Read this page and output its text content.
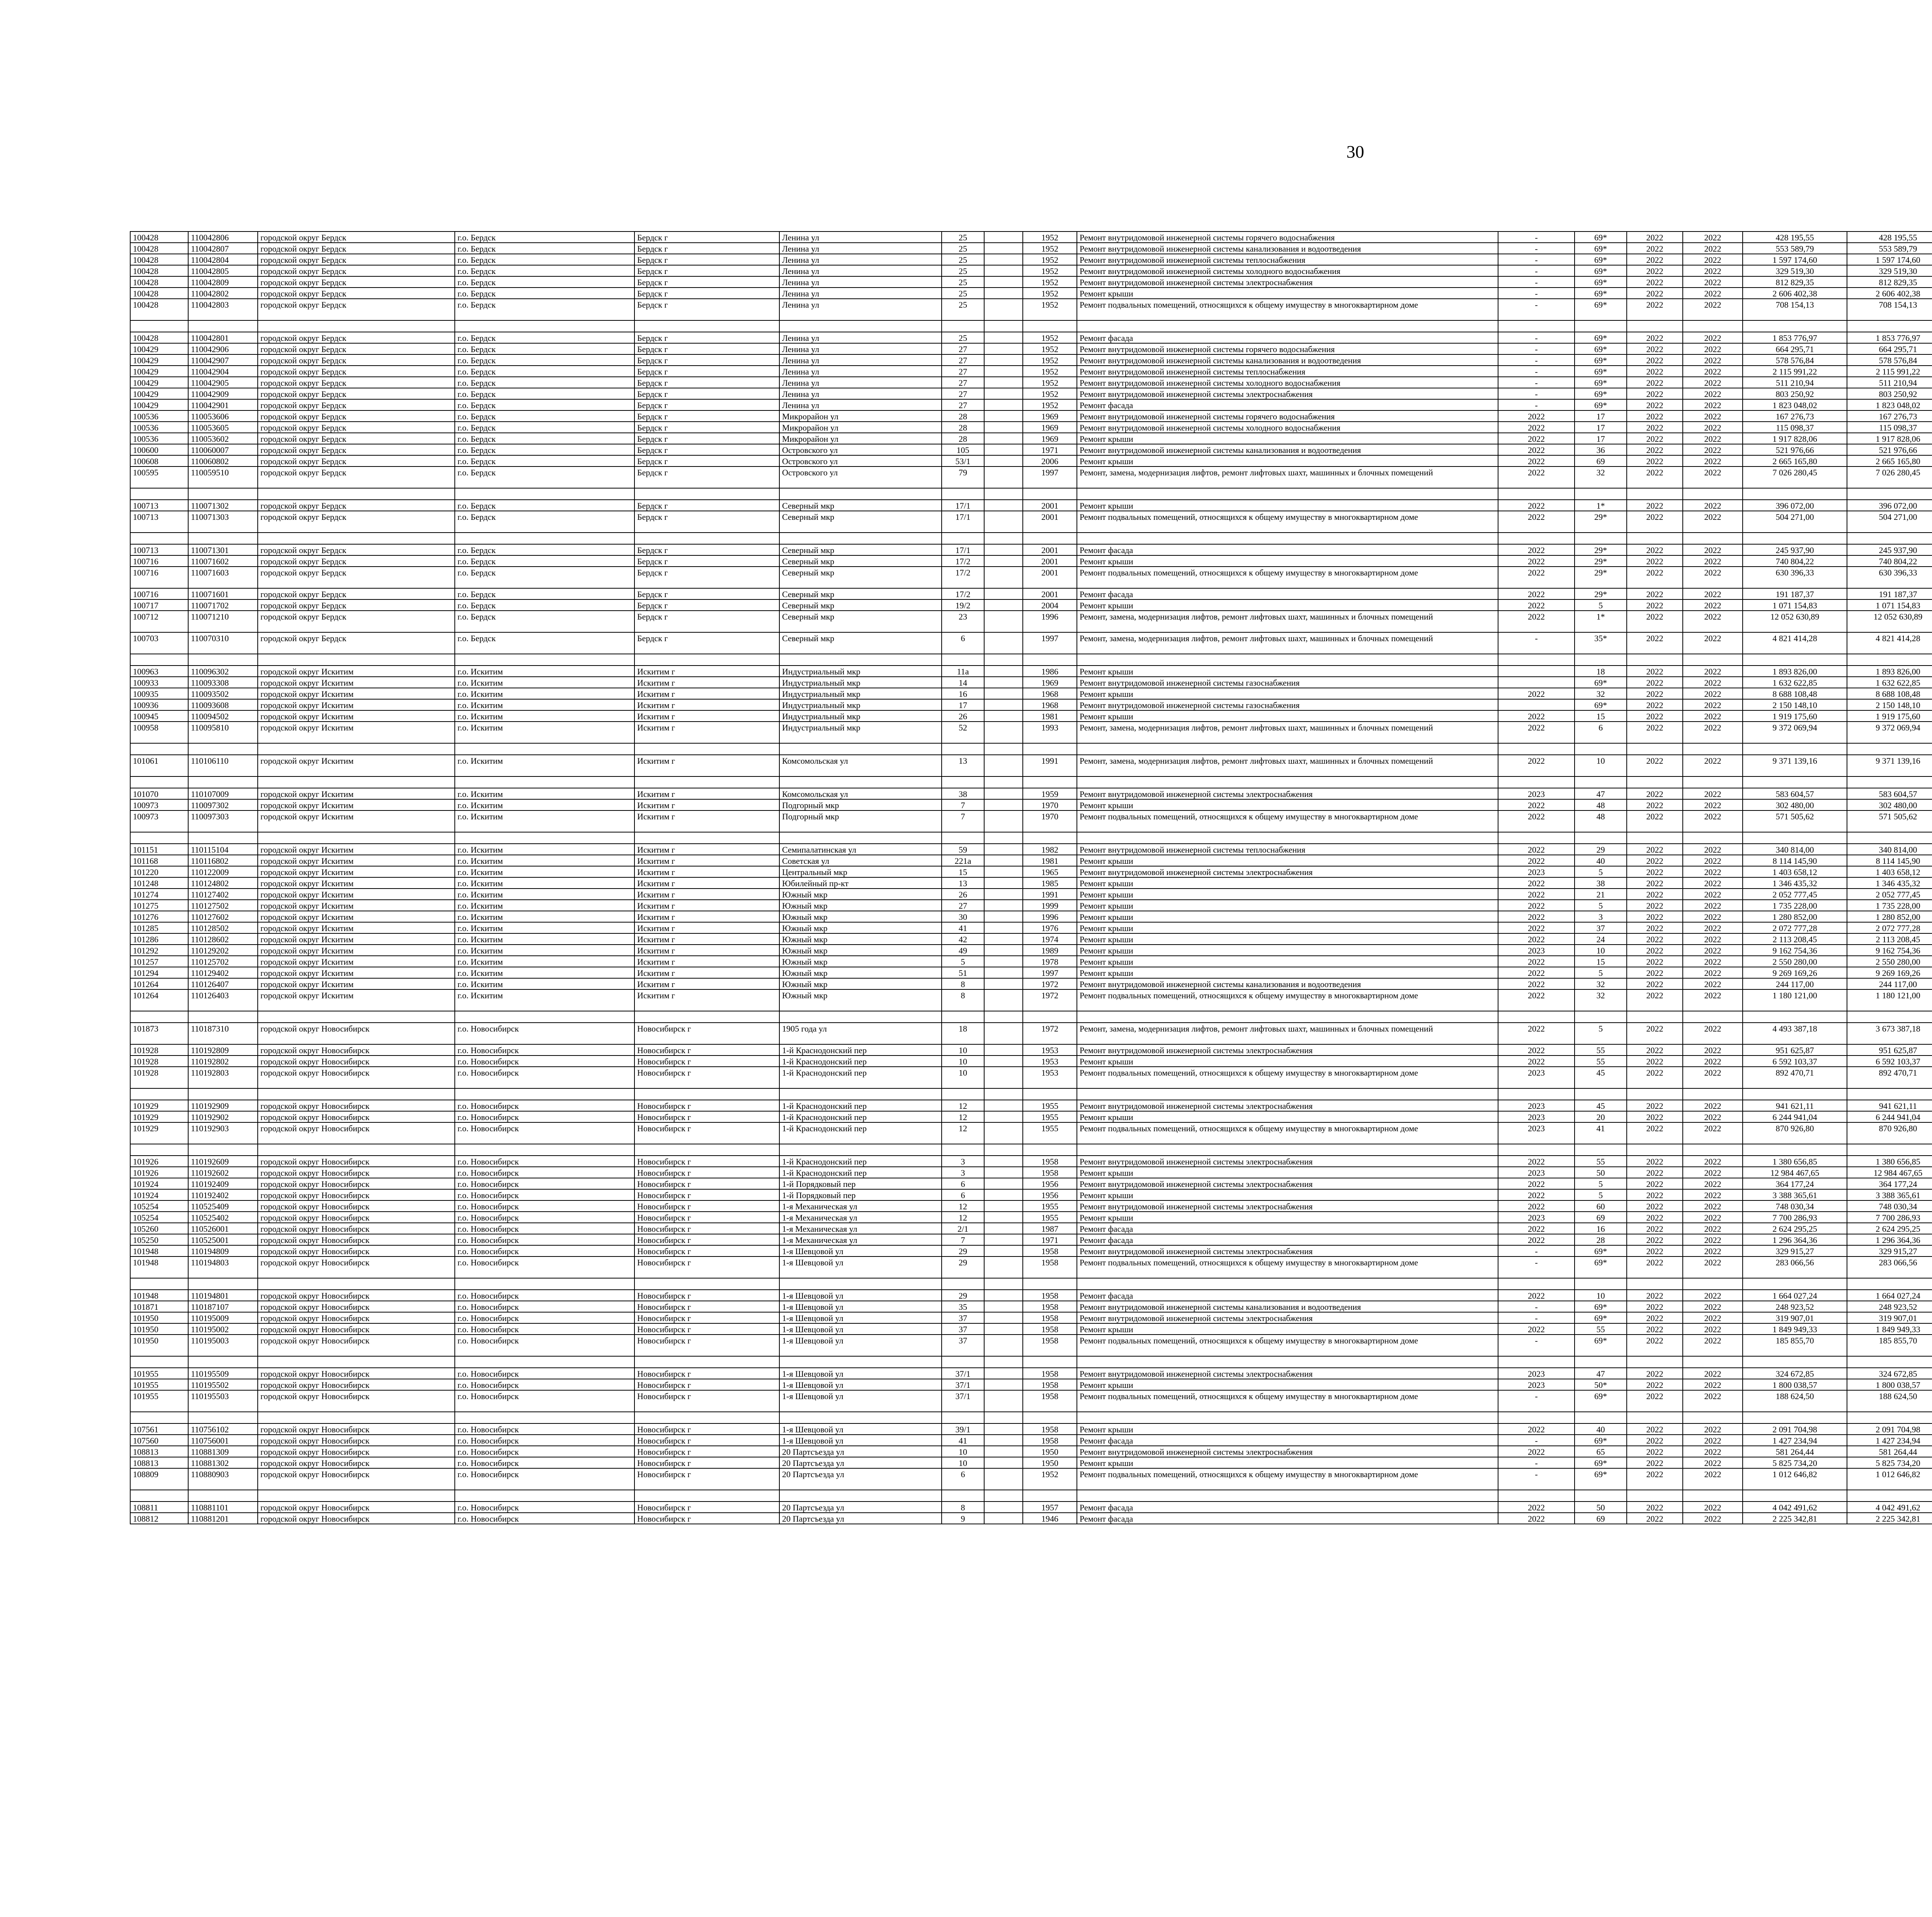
30
100428	110042806	городской округ Бердск	г.о. Бердск	Бердск г	Ленина ул	25		1952	Ремонт внутридомовой инженерной системы горячего водоснабжения	-	69*	2022	2022	428 195,55	428 195,55						
100428	110042807	городской округ Бердск	г.о. Бердск	Бердск г	Ленина ул	25		1952	Ремонт внутридомовой инженерной системы канализования и водоотведения	-	69*	2022	2022	553 589,79	553 589,79						
100428	110042804	городской округ Бердск	г.о. Бердск	Бердск г	Ленина ул	25		1952	Ремонт внутридомовой инженерной системы теплоснабжения	-	69*	2022	2022	1 597 174,60	1 597 174,60						
100428	110042805	городской округ Бердск	г.о. Бердск	Бердск г	Ленина ул	25		1952	Ремонт внутридомовой инженерной системы холодного водоснабжения	-	69*	2022	2022	329 519,30	329 519,30						
100428	110042809	городской округ Бердск	г.о. Бердск	Бердск г	Ленина ул	25		1952	Ремонт внутридомовой инженерной системы электроснабжения	-	69*	2022	2022	812 829,35	812 829,35						
100428	110042802	городской округ Бердск	г.о. Бердск	Бердск г	Ленина ул	25		1952	Ремонт крыши	-	69*	2022	2022	2 606 402,38	2 606 402,38						
100428	110042803	городской округ Бердск	г.о. Бердск	Бердск г	Ленина ул	25		1952	Ремонт подвальных помещений, относящихся к общему имуществу в многоквартирном доме	-	69*	2022	2022	708 154,13	708 154,13						

100428	110042801	городской округ Бердск	г.о. Бердск	Бердск г	Ленина ул	25		1952	Ремонт фасада	-	69*	2022	2022	1 853 776,97	1 853 776,97						
100429	110042906	городской округ Бердск	г.о. Бердск	Бердск г	Ленина ул	27		1952	Ремонт внутридомовой инженерной системы горячего водоснабжения	-	69*	2022	2022	664 295,71	664 295,71						
100429	110042907	городской округ Бердск	г.о. Бердск	Бердск г	Ленина ул	27		1952	Ремонт внутридомовой инженерной системы канализования и водоотведения	-	69*	2022	2022	578 576,84	578 576,84						
100429	110042904	городской округ Бердск	г.о. Бердск	Бердск г	Ленина ул	27		1952	Ремонт внутридомовой инженерной системы теплоснабжения	-	69*	2022	2022	2 115 991,22	2 115 991,22						
100429	110042905	городской округ Бердск	г.о. Бердск	Бердск г	Ленина ул	27		1952	Ремонт внутридомовой инженерной системы холодного водоснабжения	-	69*	2022	2022	511 210,94	511 210,94						
100429	110042909	городской округ Бердск	г.о. Бердск	Бердск г	Ленина ул	27		1952	Ремонт внутридомовой инженерной системы электроснабжения	-	69*	2022	2022	803 250,92	803 250,92						
100429	110042901	городской округ Бердск	г.о. Бердск	Бердск г	Ленина ул	27		1952	Ремонт фасада	-	69*	2022	2022	1 823 048,02	1 823 048,02						
100536	110053606	городской округ Бердск	г.о. Бердск	Бердск г	Микрорайон ул	28		1969	Ремонт внутридомовой инженерной системы горячего водоснабжения	2022	17	2022	2022	167 276,73	167 276,73						
100536	110053605	городской округ Бердск	г.о. Бердск	Бердск г	Микрорайон ул	28		1969	Ремонт внутридомовой инженерной системы холодного водоснабжения	2022	17	2022	2022	115 098,37	115 098,37						
100536	110053602	городской округ Бердск	г.о. Бердск	Бердск г	Микрорайон ул	28		1969	Ремонт крыши	2022	17	2022	2022	1 917 828,06	1 917 828,06						
100600	110060007	городской округ Бердск	г.о. Бердск	Бердск г	Островского ул	105		1971	Ремонт внутридомовой инженерной системы канализования и водоотведения	2022	36	2022	2022	521 976,66	521 976,66						
100608	110060802	городской округ Бердск	г.о. Бердск	Бердск г	Островского ул	53/1		2006	Ремонт крыши	2022	69	2022	2022	2 665 165,80	2 665 165,80						
100595	110059510	городской округ Бердск	г.о. Бердск	Бердск г	Островского ул	79		1997	Ремонт, замена, модернизация лифтов, ремонт лифтовых шахт, машинных и блочных помещений	2022	32	2022	2022	7 026 280,45	7 026 280,45						

100713	110071302	городской округ Бердск	г.о. Бердск	Бердск г	Северный мкр	17/1		2001	Ремонт крыши	2022	1*	2022	2022	396 072,00	396 072,00						
100713	110071303	городской округ Бердск	г.о. Бердск	Бердск г	Северный мкр	17/1		2001	Ремонт подвальных помещений, относящихся к общему имуществу в многоквартирном доме	2022	29*	2022	2022	504 271,00	504 271,00						

100713	110071301	городской округ Бердск	г.о. Бердск	Бердск г	Северный мкр	17/1		2001	Ремонт фасада	2022	29*	2022	2022	245 937,90	245 937,90						
100716	110071602	городской округ Бердск	г.о. Бердск	Бердск г	Северный мкр	17/2		2001	Ремонт крыши	2022	29*	2022	2022	740 804,22	740 804,22						
100716	110071603	городской округ Бердск	г.о. Бердск	Бердск г	Северный мкр	17/2		2001	Ремонт подвальных помещений, относящихся к общему имуществу в многоквартирном доме	2022	29*	2022	2022	630 396,33	630 396,33						
100716	110071601	городской округ Бердск	г.о. Бердск	Бердск г	Северный мкр	17/2		2001	Ремонт фасада	2022	29*	2022	2022	191 187,37	191 187,37						
100717	110071702	городской округ Бердск	г.о. Бердск	Бердск г	Северный мкр	19/2		2004	Ремонт крыши	2022	5	2022	2022	1 071 154,83	1 071 154,83						
100712	110071210	городской округ Бердск	г.о. Бердск	Бердск г	Северный мкр	23		1996	Ремонт, замена, модернизация лифтов, ремонт лифтовых шахт, машинных и блочных помещений	2022	1*	2022	2022	12 052 630,89	12 052 630,89						
100703	110070310	городской округ Бердск	г.о. Бердск	Бердск г	Северный мкр	6		1997	Ремонт, замена, модернизация лифтов, ремонт лифтовых шахт, машинных и блочных помещений	-	35*	2022	2022	4 821 414,28	4 821 414,28						

100963	110096302	городской округ Искитим	г.о. Искитим	Искитим г	Индустриальный мкр	11а		1986	Ремонт крыши		18	2022	2022	1 893 826,00	1 893 826,00						
100933	110093308	городской округ Искитим	г.о. Искитим	Искитим г	Индустриальный мкр	14		1969	Ремонт внутридомовой инженерной системы газоснабжения		69*	2022	2022	1 632 622,85	1 632 622,85						
100935	110093502	городской округ Искитим	г.о. Искитим	Искитим г	Индустриальный мкр	16		1968	Ремонт крыши	2022	32	2022	2022	8 688 108,48	8 688 108,48						
100936	110093608	городской округ Искитим	г.о. Искитим	Искитим г	Индустриальный мкр	17		1968	Ремонт внутридомовой инженерной системы газоснабжения		69*	2022	2022	2 150 148,10	2 150 148,10						
100945	110094502	городской округ Искитим	г.о. Искитим	Искитим г	Индустриальный мкр	26		1981	Ремонт крыши	2022	15	2022	2022	1 919 175,60	1 919 175,60						
100958	110095810	городской округ Искитим	г.о. Искитим	Искитим г	Индустриальный мкр	52		1993	Ремонт, замена, модернизация лифтов, ремонт лифтовых шахт, машинных и блочных помещений	2022	6	2022	2022	9 372 069,94	9 372 069,94						

101061	110106110	городской округ Искитим	г.о. Искитим	Искитим г	Комсомольская ул	13		1991	Ремонт, замена, модернизация лифтов, ремонт лифтовых шахт, машинных и блочных помещений	2022	10	2022	2022	9 371 139,16	9 371 139,16						

101070	110107009	городской округ Искитим	г.о. Искитим	Искитим г	Комсомольская ул	38		1959	Ремонт внутридомовой инженерной системы электроснабжения	2023	47	2022	2022	583 604,57	583 604,57						
100973	110097302	городской округ Искитим	г.о. Искитим	Искитим г	Подгорный мкр	7		1970	Ремонт крыши	2022	48	2022	2022	302 480,00	302 480,00						
100973	110097303	городской округ Искитим	г.о. Искитим	Искитим г	Подгорный мкр	7		1970	Ремонт подвальных помещений, относящихся к общему имуществу в многоквартирном доме	2022	48	2022	2022	571 505,62	571 505,62						

101151	110115104	городской округ Искитим	г.о. Искитим	Искитим г	Семипалатинская ул	59		1982	Ремонт внутридомовой инженерной системы теплоснабжения	2022	29	2022	2022	340 814,00	340 814,00						
101168	110116802	городской округ Искитим	г.о. Искитим	Искитим г	Советская ул	221а		1981	Ремонт крыши	2022	40	2022	2022	8 114 145,90	8 114 145,90						
101220	110122009	городской округ Искитим	г.о. Искитим	Искитим г	Центральный мкр	15		1965	Ремонт внутридомовой инженерной системы электроснабжения	2023	5	2022	2022	1 403 658,12	1 403 658,12						
101248	110124802	городской округ Искитим	г.о. Искитим	Искитим г	Юбилейный пр-кт	13		1985	Ремонт крыши	2022	38	2022	2022	1 346 435,32	1 346 435,32						
101274	110127402	городской округ Искитим	г.о. Искитим	Искитим г	Южный мкр	26		1991	Ремонт крыши	2022	21	2022	2022	2 052 777,45	2 052 777,45						
101275	110127502	городской округ Искитим	г.о. Искитим	Искитим г	Южный мкр	27		1999	Ремонт крыши	2022	5	2022	2022	1 735 228,00	1 735 228,00						
101276	110127602	городской округ Искитим	г.о. Искитим	Искитим г	Южный мкр	30		1996	Ремонт крыши	2022	3	2022	2022	1 280 852,00	1 280 852,00						
101285	110128502	городской округ Искитим	г.о. Искитим	Искитим г	Южный мкр	41		1976	Ремонт крыши	2022	37	2022	2022	2 072 777,28	2 072 777,28						
101286	110128602	городской округ Искитим	г.о. Искитим	Искитим г	Южный мкр	42		1974	Ремонт крыши	2022	24	2022	2022	2 113 208,45	2 113 208,45						
101292	110129202	городской округ Искитим	г.о. Искитим	Искитим г	Южный мкр	49		1989	Ремонт крыши	2023	10	2022	2022	9 162 754,36	9 162 754,36						
101257	110125702	городской округ Искитим	г.о. Искитим	Искитим г	Южный мкр	5		1978	Ремонт крыши	2022	15	2022	2022	2 550 280,00	2 550 280,00						
101294	110129402	городской округ Искитим	г.о. Искитим	Искитим г	Южный мкр	51		1997	Ремонт крыши	2022	5	2022	2022	9 269 169,26	9 269 169,26						
101264	110126407	городской округ Искитим	г.о. Искитим	Искитим г	Южный мкр	8		1972	Ремонт внутридомовой инженерной системы канализования и водоотведения	2022	32	2022	2022	244 117,00	244 117,00						
101264	110126403	городской округ Искитим	г.о. Искитим	Искитим г	Южный мкр	8		1972	Ремонт подвальных помещений, относящихся к общему имуществу в многоквартирном доме	2022	32	2022	2022	1 180 121,00	1 180 121,00						

101873	110187310	городской округ Новосибирск	г.о. Новосибирск	Новосибирск г	1905 года ул	18		1972	Ремонт, замена, модернизация лифтов, ремонт лифтовых шахт, машинных и блочных помещений	2022	5	2022	2022	4 493 387,18	3 673 387,18						
101928	110192809	городской округ Новосибирск	г.о. Новосибирск	Новосибирск г	1-й Краснодонский пер	10		1953	Ремонт внутридомовой инженерной системы электроснабжения	2022	55	2022	2022	951 625,87	951 625,87						
101928	110192802	городской округ Новосибирск	г.о. Новосибирск	Новосибирск г	1-й Краснодонский пер	10		1953	Ремонт крыши	2022	55	2022	2022	6 592 103,37	6 592 103,37						
101928	110192803	городской округ Новосибирск	г.о. Новосибирск	Новосибирск г	1-й Краснодонский пер	10		1953	Ремонт подвальных помещений, относящихся к общему имуществу в многоквартирном доме	2023	45	2022	2022	892 470,71	892 470,71						

101929	110192909	городской округ Новосибирск	г.о. Новосибирск	Новосибирск г	1-й Краснодонский пер	12		1955	Ремонт внутридомовой инженерной системы электроснабжения	2023	45	2022	2022	941 621,11	941 621,11						
101929	110192902	городской округ Новосибирск	г.о. Новосибирск	Новосибирск г	1-й Краснодонский пер	12		1955	Ремонт крыши	2023	20	2022	2022	6 244 941,04	6 244 941,04						
101929	110192903	городской округ Новосибирск	г.о. Новосибирск	Новосибирск г	1-й Краснодонский пер	12		1955	Ремонт подвальных помещений, относящихся к общему имуществу в многоквартирном доме	2023	41	2022	2022	870 926,80	870 926,80						

101926	110192609	городской округ Новосибирск	г.о. Новосибирск	Новосибирск г	1-й Краснодонский пер	3		1958	Ремонт внутридомовой инженерной системы электроснабжения	2022	55	2022	2022	1 380 656,85	1 380 656,85						
101926	110192602	городской округ Новосибирск	г.о. Новосибирск	Новосибирск г	1-й Краснодонский пер	3		1958	Ремонт крыши	2023	50	2022	2022	12 984 467,65	12 984 467,65						
101924	110192409	городской округ Новосибирск	г.о. Новосибирск	Новосибирск г	1-й Порядковый пер	6		1956	Ремонт внутридомовой инженерной системы электроснабжения	2022	5	2022	2022	364 177,24	364 177,24						
101924	110192402	городской округ Новосибирск	г.о. Новосибирск	Новосибирск г	1-й Порядковый пер	6		1956	Ремонт крыши	2022	5	2022	2022	3 388 365,61	3 388 365,61						
105254	110525409	городской округ Новосибирск	г.о. Новосибирск	Новосибирск г	1-я Механическая ул	12		1955	Ремонт внутридомовой инженерной системы электроснабжения	2022	60	2022	2022	748 030,34	748 030,34						
105254	110525402	городской округ Новосибирск	г.о. Новосибирск	Новосибирск г	1-я Механическая ул	12		1955	Ремонт крыши	2023	69	2022	2022	7 700 286,93	7 700 286,93						
105260	110526001	городской округ Новосибирск	г.о. Новосибирск	Новосибирск г	1-я Механическая ул	2/1		1987	Ремонт фасада	2022	16	2022	2022	2 624 295,25	2 624 295,25						
105250	110525001	городской округ Новосибирск	г.о. Новосибирск	Новосибирск г	1-я Механическая ул	7		1971	Ремонт фасада	2022	28	2022	2022	1 296 364,36	1 296 364,36						
101948	110194809	городской округ Новосибирск	г.о. Новосибирск	Новосибирск г	1-я Шевцовой ул	29		1958	Ремонт внутридомовой инженерной системы электроснабжения	-	69*	2022	2022	329 915,27	329 915,27						
101948	110194803	городской округ Новосибирск	г.о. Новосибирск	Новосибирск г	1-я Шевцовой ул	29		1958	Ремонт подвальных помещений, относящихся к общему имуществу в многоквартирном доме	-	69*	2022	2022	283 066,56	283 066,56						

101948	110194801	городской округ Новосибирск	г.о. Новосибирск	Новосибирск г	1-я Шевцовой ул	29		1958	Ремонт фасада	2022	10	2022	2022	1 664 027,24	1 664 027,24						
101871	110187107	городской округ Новосибирск	г.о. Новосибирск	Новосибирск г	1-я Шевцовой ул	35		1958	Ремонт внутридомовой инженерной системы канализования и водоотведения	-	69*	2022	2022	248 923,52	248 923,52						
101950	110195009	городской округ Новосибирск	г.о. Новосибирск	Новосибирск г	1-я Шевцовой ул	37		1958	Ремонт внутридомовой инженерной системы электроснабжения	-	69*	2022	2022	319 907,01	319 907,01						
101950	110195002	городской округ Новосибирск	г.о. Новосибирск	Новосибирск г	1-я Шевцовой ул	37		1958	Ремонт крыши	2022	55	2022	2022	1 849 949,33	1 849 949,33						
101950	110195003	городской округ Новосибирск	г.о. Новосибирск	Новосибирск г	1-я Шевцовой ул	37		1958	Ремонт подвальных помещений, относящихся к общему имуществу в многоквартирном доме	-	69*	2022	2022	185 855,70	185 855,70						

101955	110195509	городской округ Новосибирск	г.о. Новосибирск	Новосибирск г	1-я Шевцовой ул	37/1		1958	Ремонт внутридомовой инженерной системы электроснабжения	2023	47	2022	2022	324 672,85	324 672,85						
101955	110195502	городской округ Новосибирск	г.о. Новосибирск	Новосибирск г	1-я Шевцовой ул	37/1		1958	Ремонт крыши	2023	50*	2022	2022	1 800 038,57	1 800 038,57						
101955	110195503	городской округ Новосибирск	г.о. Новосибирск	Новосибирск г	1-я Шевцовой ул	37/1		1958	Ремонт подвальных помещений, относящихся к общему имуществу в многоквартирном доме	-	69*	2022	2022	188 624,50	188 624,50						

107561	110756102	городской округ Новосибирск	г.о. Новосибирск	Новосибирск г	1-я Шевцовой ул	39/1		1958	Ремонт крыши	2022	40	2022	2022	2 091 704,98	2 091 704,98						
107560	110756001	городской округ Новосибирск	г.о. Новосибирск	Новосибирск г	1-я Шевцовой ул	41		1958	Ремонт фасада	-	69*	2022	2022	1 427 234,94	1 427 234,94						
108813	110881309	городской округ Новосибирск	г.о. Новосибирск	Новосибирск г	20 Партсъезда ул	10		1950	Ремонт внутридомовой инженерной системы электроснабжения	2022	65	2022	2022	581 264,44	581 264,44						
108813	110881302	городской округ Новосибирск	г.о. Новосибирск	Новосибирск г	20 Партсъезда ул	10		1950	Ремонт крыши	-	69*	2022	2022	5 825 734,20	5 825 734,20						
108809	110880903	городской округ Новосибирск	г.о. Новосибирск	Новосибирск г	20 Партсъезда ул	6		1952	Ремонт подвальных помещений, относящихся к общему имуществу в многоквартирном доме	-	69*	2022	2022	1 012 646,82	1 012 646,82						

108811	110881101	городской округ Новосибирск	г.о. Новосибирск	Новосибирск г	20 Партсъезда ул	8		1957	Ремонт фасада	2022	50	2022	2022	4 042 491,62	4 042 491,62						
108812	110881201	городской округ Новосибирск	г.о. Новосибирск	Новосибирск г	20 Партсъезда ул	9		1946	Ремонт фасада	2022	69	2022	2022	2 225 342,81	2 225 342,81						
